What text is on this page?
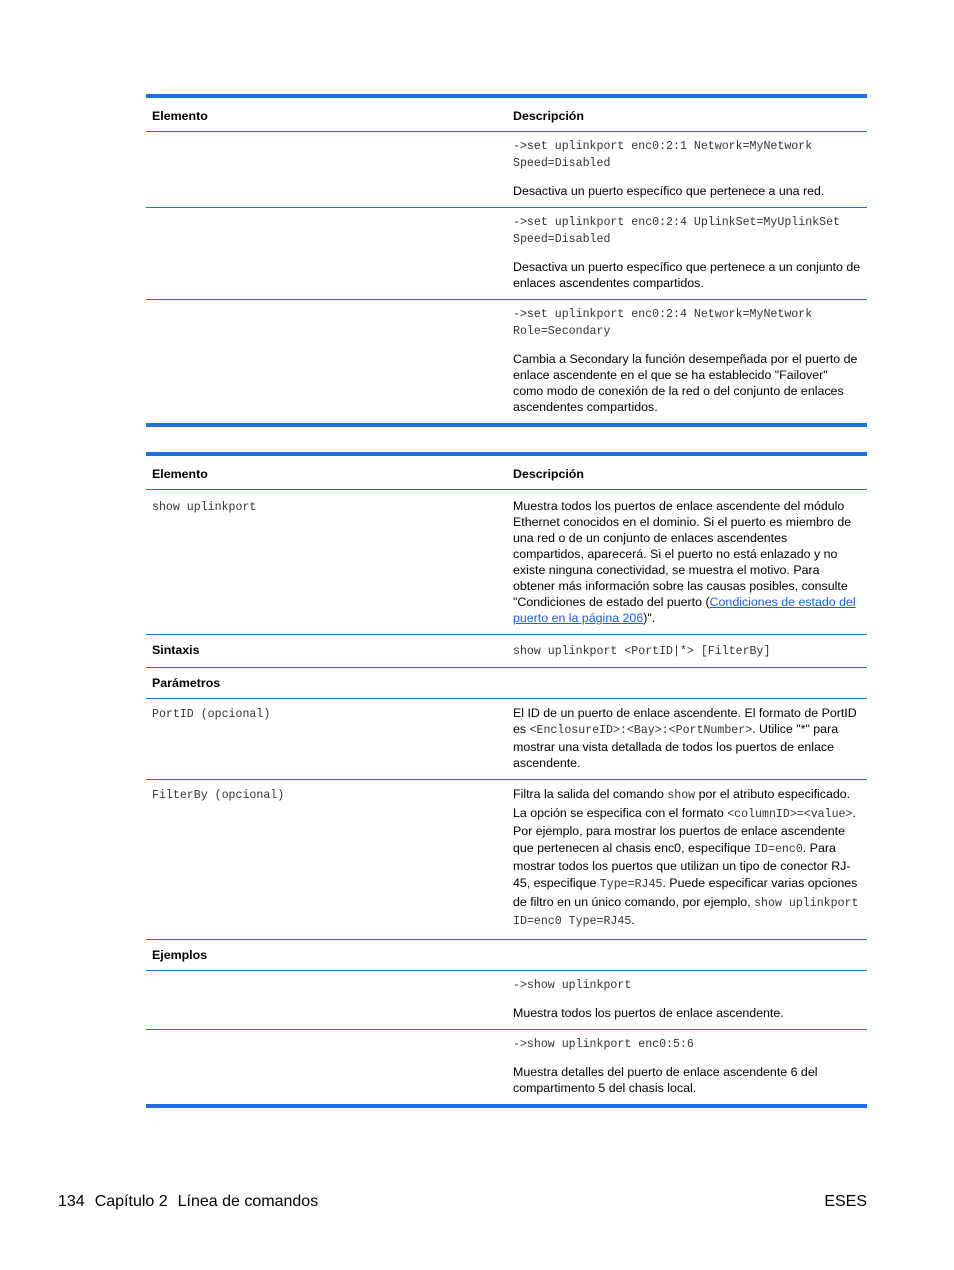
Elemento	Descripción

	->set uplinkport enc0:2:1 Network=MyNetwork Speed=Disabled
Desactiva un puerto específico que pertenece a una red.

	->set uplinkport enc0:2:4 UplinkSet=MyUplinkSet Speed=Disabled
Desactiva un puerto específico que pertenece a un conjunto de enlaces ascendentes compartidos.

	->set uplinkport enc0:2:4 Network=MyNetwork Role=Secondary
Cambia a Secondary la función desempeñada por el puerto de enlace ascendente en el que se ha establecido "Failover" como modo de conexión de la red o del conjunto de enlaces ascendentes compartidos.
Elemento	Descripción
show uplinkport	Muestra todos los puertos de enlace ascendente del módulo Ethernet conocidos en el dominio. Si el puerto es miembro de una red o de un conjunto de enlaces ascendentes compartidos, aparecerá. Si el puerto no está enlazado y no existe ninguna conectividad, se muestra el motivo. Para obtener más información sobre las causas posibles, consulte "Condiciones de estado del puerto (Condiciones de estado del puerto en la página 206)".
Sintaxis	show uplinkport <PortID|*> [FilterBy]
Parámetros	
PortID (opcional)	El ID de un puerto de enlace ascendente. El formato de PortID es <EnclosureID>:<Bay>:<PortNumber>. Utilice "*" para mostrar una vista detallada de todos los puertos de enlace ascendente.
FilterBy (opcional)	Filtra la salida del comando show por el atributo especificado. La opción se especifica con el formato <columnID>=<value>. Por ejemplo, para mostrar los puertos de enlace ascendente que pertenecen al chasis enc0, especifique ID=enc0. Para mostrar todos los puertos que utilizan un tipo de conector RJ-45, especifique Type=RJ45. Puede especificar varias opciones de filtro en un único comando, por ejemplo, show uplinkport ID=enc0 Type=RJ45.
Ejemplos	

	->show uplinkport
Muestra todos los puertos de enlace ascendente.

	->show uplinkport enc0:5:6
Muestra detalles del puerto de enlace ascendente 6 del compartimento 5 del chasis local.
134 Capítulo 2 Línea de comandos	ESES
